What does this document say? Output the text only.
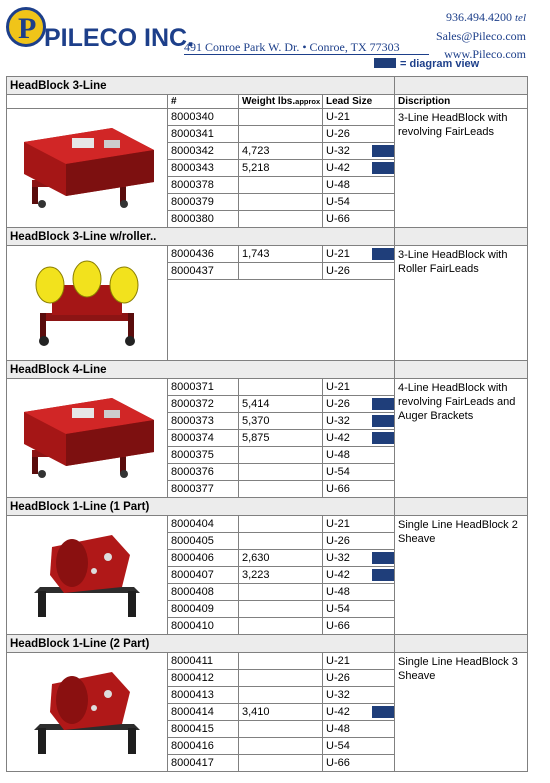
P PILECO INC.
491 Conroe Park W. Dr. • Conroe, TX 77303
936.494.4200 tel
Sales@Pileco.com
www.Pileco.com
= diagram view
HeadBlock 3-Line				
	#	Weight lbs.approx	Lead Size	Discription

	8000340		U-21	3-Line HeadBlock with revolving FairLeads
	8000341		U-26	
	8000342	4,723	U-32	

	8000343	5,218	U-42	

	8000378		U-48	
	8000379		U-54	
	8000380		U-66	
HeadBlock 3-Line w/roller..				

	8000436	1,743	U-21	3-Line HeadBlock with Roller FairLeads
	8000437		U-26	

HeadBlock 4-Line				

	8000371		U-21	4-Line HeadBlock with revolving FairLeads and Auger Brackets
	8000372	5,414	U-26	

	8000373	5,370	U-32	

	8000374	5,875	U-42	

	8000375		U-48	
	8000376		U-54	
	8000377		U-66	
HeadBlock 1-Line (1 Part)				

	8000404		U-21	Single Line HeadBlock 2 Sheave
	8000405		U-26	
	8000406	2,630	U-32	

	8000407	3,223	U-42	

	8000408		U-48	
	8000409		U-54	
	8000410		U-66	
HeadBlock 1-Line (2 Part)				

	8000411		U-21	Single Line HeadBlock 3 Sheave
	8000412		U-26	
	8000413		U-32	
	8000414	3,410	U-42	

	8000415		U-48	
	8000416		U-54	
	8000417		U-66	
